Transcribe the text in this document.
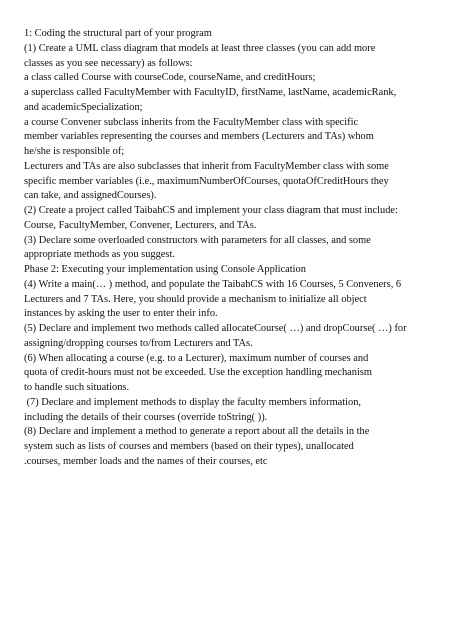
1: Coding the structural part of your program
(1) Create a UML class diagram that models at least three classes (you can add more
classes as you see necessary) as follows:
a class called Course with courseCode, courseName, and creditHours;
a superclass called FacultyMember with FacultyID, firstName, lastName, academicRank,
and academicSpecialization;
a course Convener subclass inherits from the FacultyMember class with specific
member variables representing the courses and members (Lecturers and TAs) whom
he/she is responsible of;
Lecturers and TAs are also subclasses that inherit from FacultyMember class with some
specific member variables (i.e., maximumNumberOfCourses, quotaOfCreditHours they
can take, and assignedCourses).
(2) Create a project called TaibahCS and implement your class diagram that must include:
Course, FacultyMember, Convener, Lecturers, and TAs.
(3) Declare some overloaded constructors with parameters for all classes, and some
appropriate methods as you suggest.
Phase 2: Executing your implementation using Console Application
(4) Write a main(… ) method, and populate the TaibahCS with 16 Courses, 5 Conveners, 6
Lecturers and 7 TAs. Here, you should provide a mechanism to initialize all object
instances by asking the user to enter their info.
(5) Declare and implement two methods called allocateCourse( …) and dropCourse( …) for
assigning/dropping courses to/from Lecturers and TAs.
(6) When allocating a course (e.g. to a Lecturer), maximum number of courses and
quota of credit-hours must not be exceeded. Use the exception handling mechanism
to handle such situations.
(7) Declare and implement methods to display the faculty members information,
including the details of their courses (override toString( )).
(8) Declare and implement a method to generate a report about all the details in the
system such as lists of courses and members (based on their types), unallocated
.courses, member loads and the names of their courses, etc
